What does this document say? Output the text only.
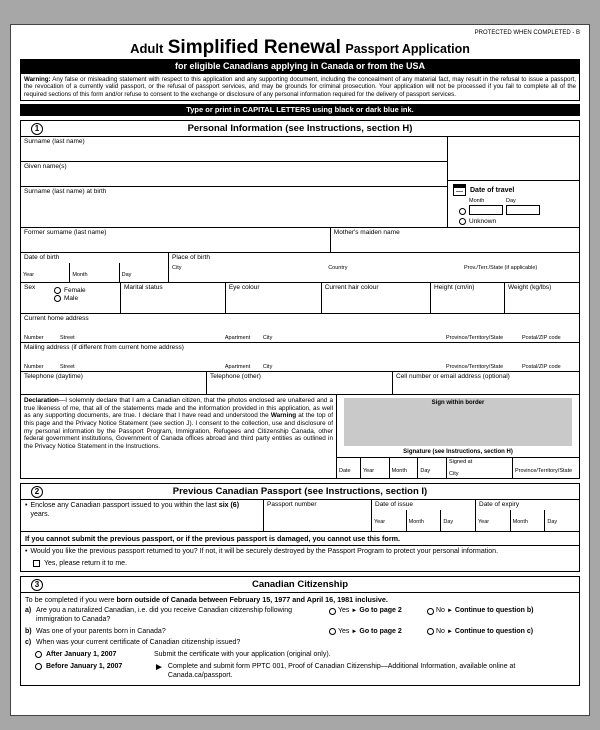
PROTECTED WHEN COMPLETED - B
Adult Simplified Renewal Passport Application
for eligible Canadians applying in Canada or from the USA
Warning: Any false or misleading statement with respect to this application and any supporting document, including the concealment of any material fact, may result in the refusal to issue a passport, the revocation of a currently valid passport, or the refusal of passport services, and may be grounds for criminal prosecution. Your application will not be processed if you fail to complete all of the required sections of this form and/or refuse to consent to the exchange or disclosure of any personal information required for the delivery of passport services.
Type or print in CAPITAL LETTERS using black or dark blue ink.
1	Personal Information (see Instructions, section H)
Surname (last name)
Given name(s)
Surname (last name) at birth	Date of travel
Month	Day
Unknown
Former surname (last name)	Mother's maiden name
Date of birth
Year	Month	Day
Place of birth
City	Country	Prov./Terr./State (if applicable)
Sex	Female
Male
Marital status	Eye colour	Current hair colour	Height (cm/in)	Weight (kg/lbs)
Current home address
Number	Street	Apartment	City	Province/Territory/State	Postal/ZIP code
Mailing address (if different from current home address)
Number	Street	Apartment	City	Province/Territory/State	Postal/ZIP code
Telephone (daytime)	Telephone (other)	Cell number or email address (optional)
Declaration—I solemnly declare that I am a Canadian citizen, that the photos enclosed are unaltered and a true likeness of me, that all of the statements made and the information provided in this application, as well as any supporting documents, are true. I declare that I have read and understood the Warning at the top of this page and the Privacy Notice Statement (see section J). I consent to the collection, use and disclosure of my personal information by the Passport Program, Immigration, Refugees and Citizenship Canada, other federal government institutions, Government of Canada offices abroad and third party entities as outlined in the Privacy Notice Statement in the Instructions.
Sign within border
Signature (see Instructions, section H)
Date	Year	Month	Day
Signed at
City	Province/Territory/State
2	Previous Canadian Passport (see Instructions, section I)
• Enclose any Canadian passport issued to you within the last six (6) years.
Passport number	Date of issue
Year	Month	Day
Date of expiry
Year	Month	Day
If you cannot submit the previous passport, or if the previous passport is damaged, you cannot use this form.
• Would you like the previous passport returned to you? If not, it will be securely destroyed by the Passport Program to protect your personal information.
Yes, please return it to me.
3	Canadian Citizenship
To be completed if you were born outside of Canada between February 15, 1977 and April 16, 1981 inclusive.
a) Are you a naturalized Canadian, i.e. did you receive Canadian citizenship following immigration to Canada?
Yes ► Go to page 2	No ► Continue to question b)
b) Was one of your parents born in Canada?	Yes ► Go to page 2	No ► Continue to question c)
c) When was your current certificate of Canadian citizenship issued?
After January 1, 2007	Submit the certificate with your application (original only).
Before January 1, 2007	► Complete and submit form PPTC 001, Proof of Canadian Citizenship—Additional Information, available online at Canada.ca/passport.
